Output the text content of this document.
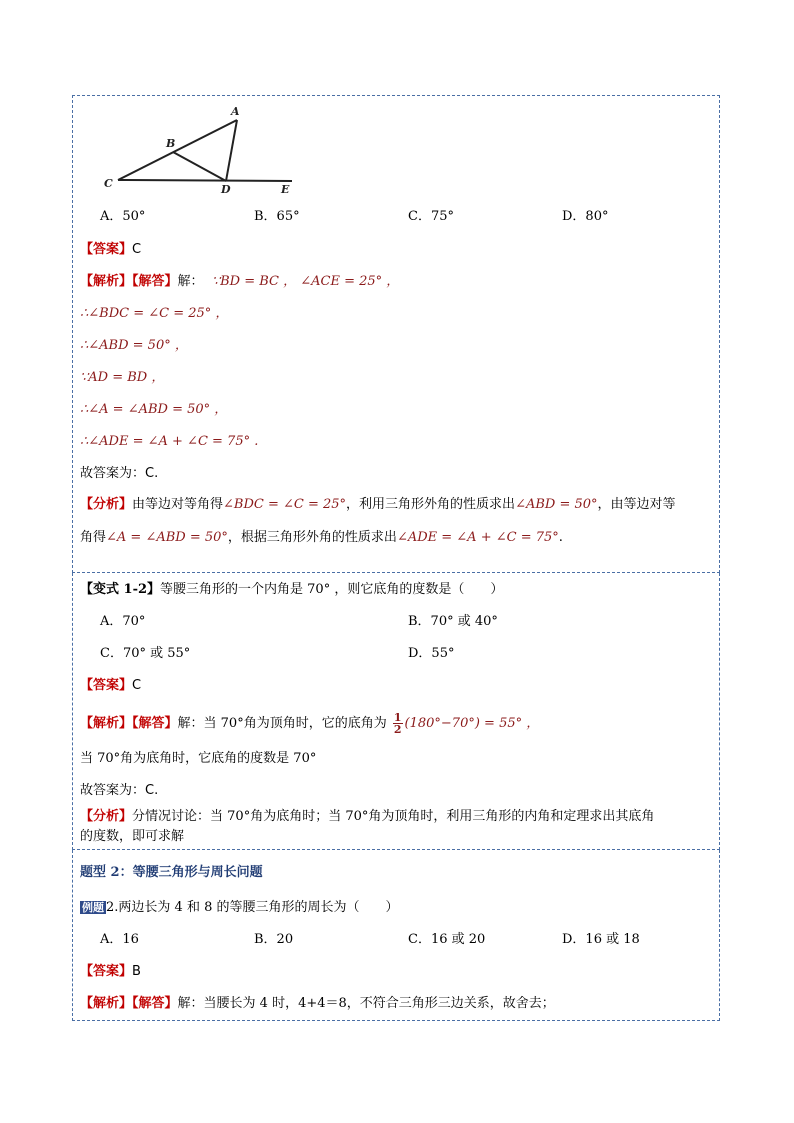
A
B
C	D	E
A．50°	B．65°	C．75°	D．80°
【答案】C
【解析】【解答】解： ∵BD = BC ， ∠ACE = 25° ，
∴∠BDC = ∠C = 25° ，
∴∠ABD = 50° ，
∵AD = BD ，
∴∠A = ∠ABD = 50° ，
∴∠ADE = ∠A + ∠C = 75° .
故答案为：C.
【分析】由等边对等角得∠BDC = ∠C = 25°，利用三角形外角的性质求出∠ABD = 50°，由等边对等
角得∠A = ∠ABD = 50°，根据三角形外角的性质求出∠ADE = ∠A + ∠C = 75°.
【变式 1-2】等腰三角形的一个内角是 70° ，则它底角的度数是（　　）
A．70°	B．70° 或 40°
C．70° 或 55°	D．55°
【答案】C
【解析】【解答】解：当 70°角为顶角时，它的底角为 $\frac{1}{2} (180^\circ-70^\circ) = 55^\circ$ ，
当 70°角为底角时，它底角的度数是 70°
故答案为：C.
【分析】分情况讨论：当 70°角为底角时；当 70°角为顶角时，利用三角形的内角和定理求出其底角
的度数，即可求解
题型 2：等腰三角形与周长问题
例题 2.两边长为 4 和 8 的等腰三角形的周长为（　　）
A．16	B．20	C．16 或 20	D．16 或 18
【答案】B
【解析】【解答】解：当腰长为 4 时，4+4＝8，不符合三角形三边关系，故舍去；
